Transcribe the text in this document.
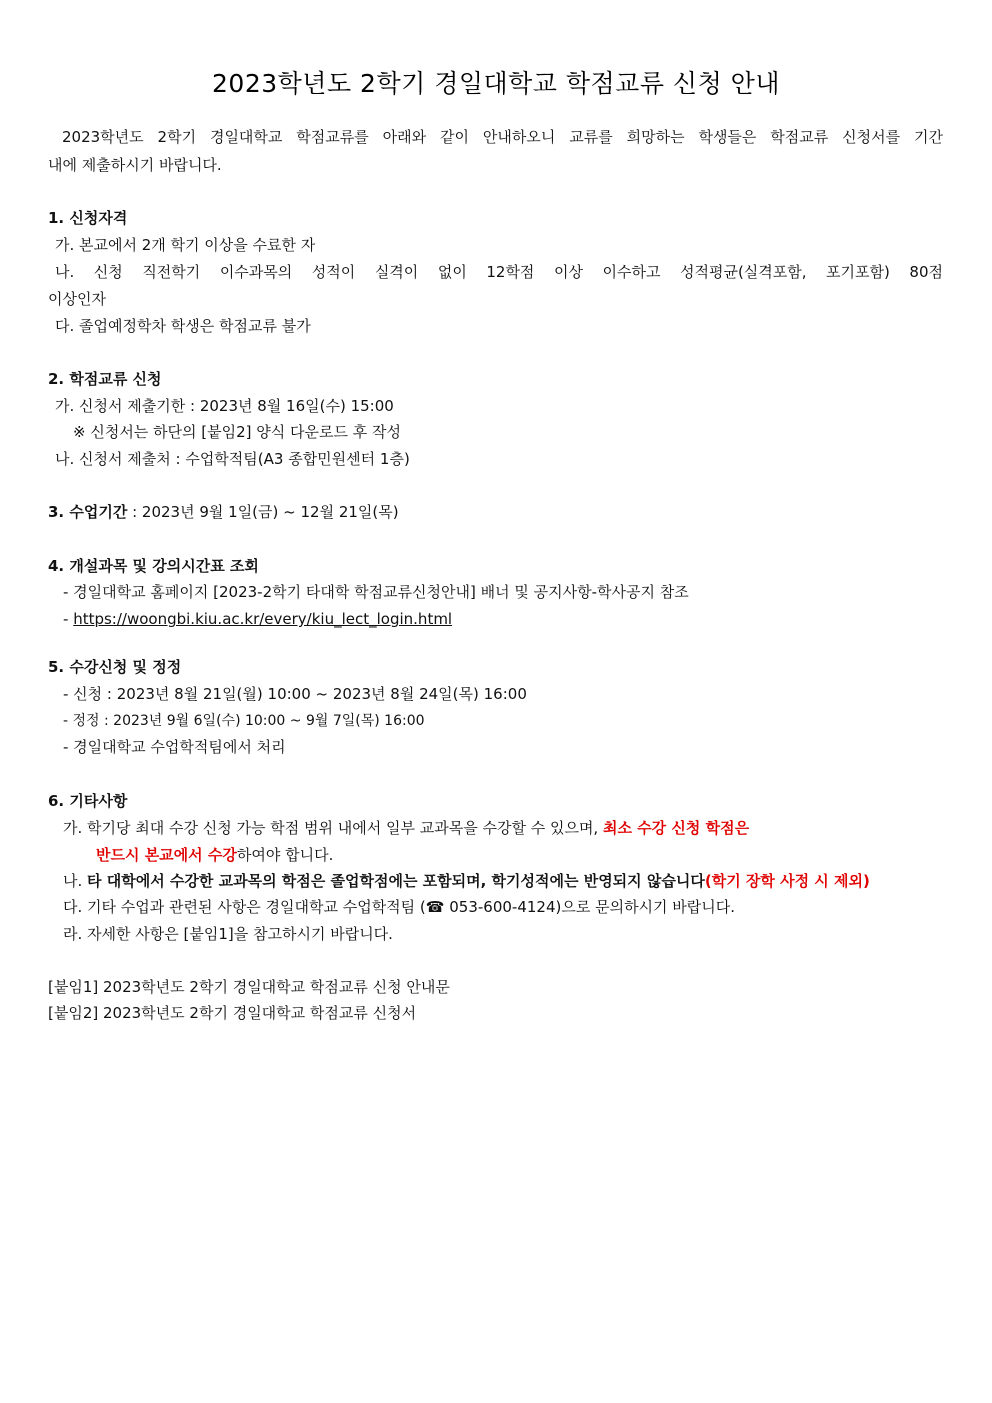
2023학년도 2학기 경일대학교 학점교류 신청 안내
2023학년도 2학기 경일대학교 학점교류를 아래와 같이 안내하오니 교류를 희망하는 학생들은 학점교류 신청서를 기간
내에 제출하시기 바랍니다.
1. 신청자격
가. 본교에서 2개 학기 이상을 수료한 자
나. 신청 직전학기 이수과목의 성적이 실격이 없이 12학점 이상 이수하고 성적평균(실격포함, 포기포함) 80점
이상인자
다. 졸업예정학차 학생은 학점교류 불가
2. 학점교류 신청
가. 신청서 제출기한 : 2023년 8월 16일(수) 15:00
※ 신청서는 하단의 [붙임2] 양식 다운로드 후 작성
나. 신청서 제출처 : 수업학적팀(A3 종합민원센터 1층)
3. 수업기간 : 2023년 9월 1일(금) ~ 12월 21일(목)
4. 개설과목 및 강의시간표 조회
- 경일대학교 홈페이지 [2023-2학기 타대학 학점교류신청안내] 배너 및 공지사항-학사공지 참조
- https://woongbi.kiu.ac.kr/every/kiu_lect_login.html
5. 수강신청 및 정정
- 신청 : 2023년 8월 21일(월) 10:00 ~ 2023년 8월 24일(목) 16:00
- 정정 : 2023년 9월 6일(수) 10:00 ~ 9월 7일(목) 16:00
- 경일대학교 수업학적팀에서 처리
6. 기타사항
가. 학기당 최대 수강 신청 가능 학점 범위 내에서 일부 교과목을 수강할 수 있으며, 최소 수강 신청 학점은
반드시 본교에서 수강하여야 합니다.
나. 타 대학에서 수강한 교과목의 학점은 졸업학점에는 포함되며, 학기성적에는 반영되지 않습니다(학기 장학 사정 시 제외)
다. 기타 수업과 관련된 사항은 경일대학교 수업학적팀 (☎ 053-600-4124)으로 문의하시기 바랍니다.
라. 자세한 사항은 [붙임1]을 참고하시기 바랍니다.
[붙임1] 2023학년도 2학기 경일대학교 학점교류 신청 안내문
[붙임2] 2023학년도 2학기 경일대학교 학점교류 신청서
